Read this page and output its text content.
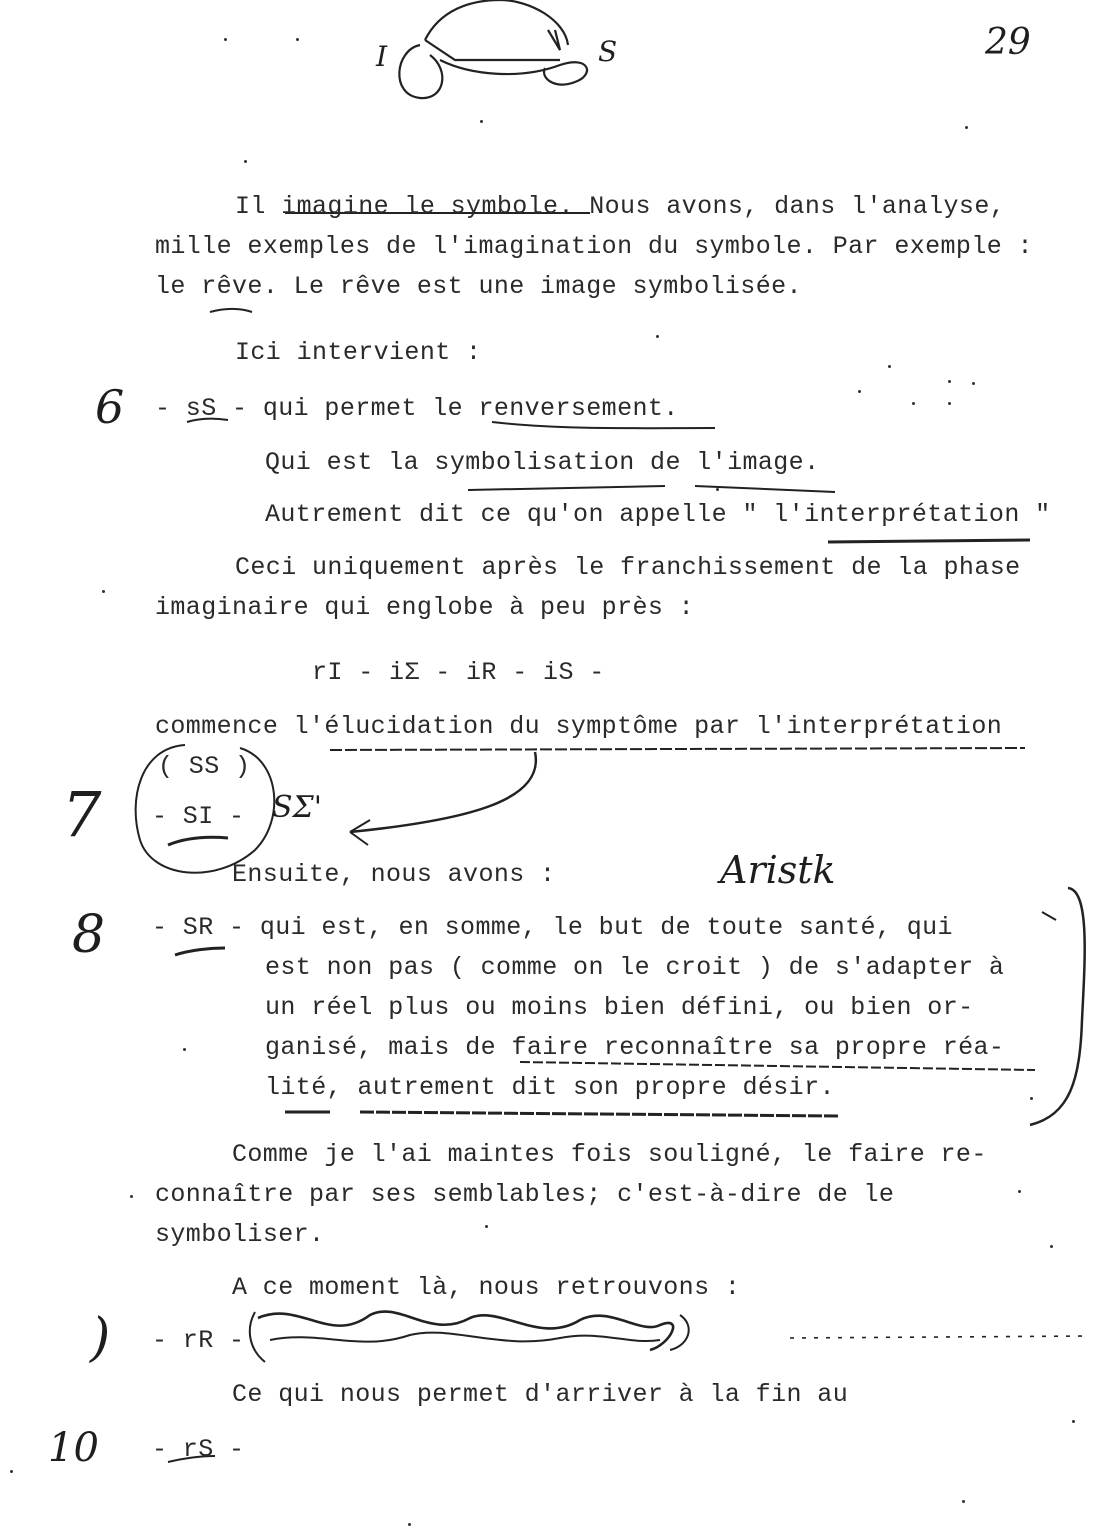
I	S	29
Il imagine le symbole. Nous avons, dans l'analyse,
mille exemples de l'imagination du symbole. Par exemple :
le rêve. Le rêve est une image symbolisée.
Ici intervient :
- sS - qui permet le renversement.
Qui est la symbolisation de l'image.
Autrement dit ce qu'on appelle " l'interprétation "
Ceci uniquement après le franchissement de la phase
imaginaire qui englobe à peu près :
rI - iΣ - iR - iS -
commence l'élucidation du symptôme par l'interprétation
( SS )
- SI -
Ensuite, nous avons :
- SR - qui est, en somme, le but de toute santé, qui
est non pas ( comme on le croit ) de s'adapter à
un réel plus ou moins bien défini, ou bien or-
ganisé, mais de faire reconnaître sa propre réa-
lité, autrement dit son propre désir.
Comme je l'ai maintes fois souligné, le faire re-
connaître par ses semblables; c'est-à-dire de le
symboliser.
A ce moment là, nous retrouvons :
- rR -
Ce qui nous permet d'arriver à la fin au
- rS -
6
7
8
)
10
SΣ'
Aristk
